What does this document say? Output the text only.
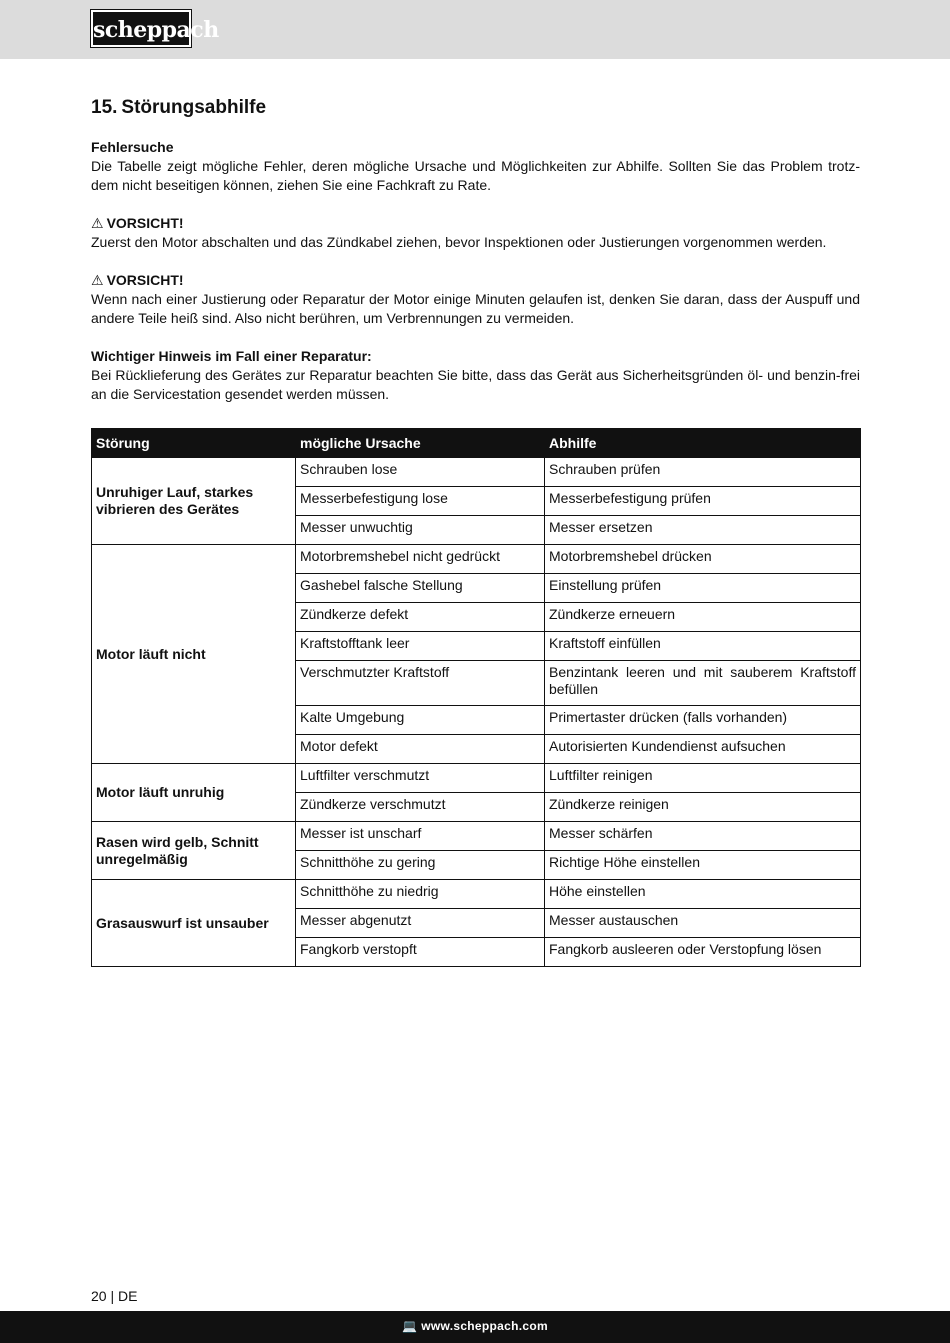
scheppach
15. Störungsabhilfe
Fehlersuche

Die Tabelle zeigt mögliche Fehler, deren mögliche Ursache und Möglichkeiten zur Abhilfe. Sollten Sie das Problem trotz-dem nicht beseitigen können, ziehen Sie eine Fachkraft zu Rate.

⚠ VORSICHT!

Zuerst den Motor abschalten und das Zündkabel ziehen, bevor Inspektionen oder Justierungen vorgenommen werden.

⚠ VORSICHT!

Wenn nach einer Justierung oder Reparatur der Motor einige Minuten gelaufen ist, denken Sie daran, dass der Auspuff und andere Teile heiß sind. Also nicht berühren, um Verbrennungen zu vermeiden.

Wichtiger Hinweis im Fall einer Reparatur:

Bei Rücklieferung des Gerätes zur Reparatur beachten Sie bitte, dass das Gerät aus Sicherheitsgründen öl- und benzin-frei an die Servicestation gesendet werden müssen.

Störung	mögliche Ursache	Abhilfe
Unruhiger Lauf, starkes vibrieren des Gerätes	Schrauben lose	Schrauben prüfen
	Messerbefestigung lose	Messerbefestigung prüfen
	Messer unwuchtig	Messer ersetzen
Motor läuft nicht	Motorbremshebel nicht gedrückt	Motorbremshebel drücken
	Gashebel falsche Stellung	Einstellung prüfen
	Zündkerze defekt	Zündkerze erneuern
	Kraftstofftank leer	Kraftstoff einfüllen
	Verschmutzter Kraftstoff	Benzintank leeren und mit sauberem Kraftstoff befüllen
	Kalte Umgebung	Primertaster drücken (falls vorhanden)
	Motor defekt	Autorisierten Kundendienst aufsuchen
Motor läuft unruhig	Luftfilter verschmutzt	Luftfilter reinigen
	Zündkerze verschmutzt	Zündkerze reinigen
Rasen wird gelb, Schnitt unregelmäßig	Messer ist unscharf	Messer schärfen
	Schnitthöhe zu gering	Richtige Höhe einstellen
Grasauswurf ist unsauber	Schnitthöhe zu niedrig	Höhe einstellen
	Messer abgenutzt	Messer austauschen
	Fangkorb verstopft	Fangkorb ausleeren oder Verstopfung lösen
20 | DE
💻 www.scheppach.com
